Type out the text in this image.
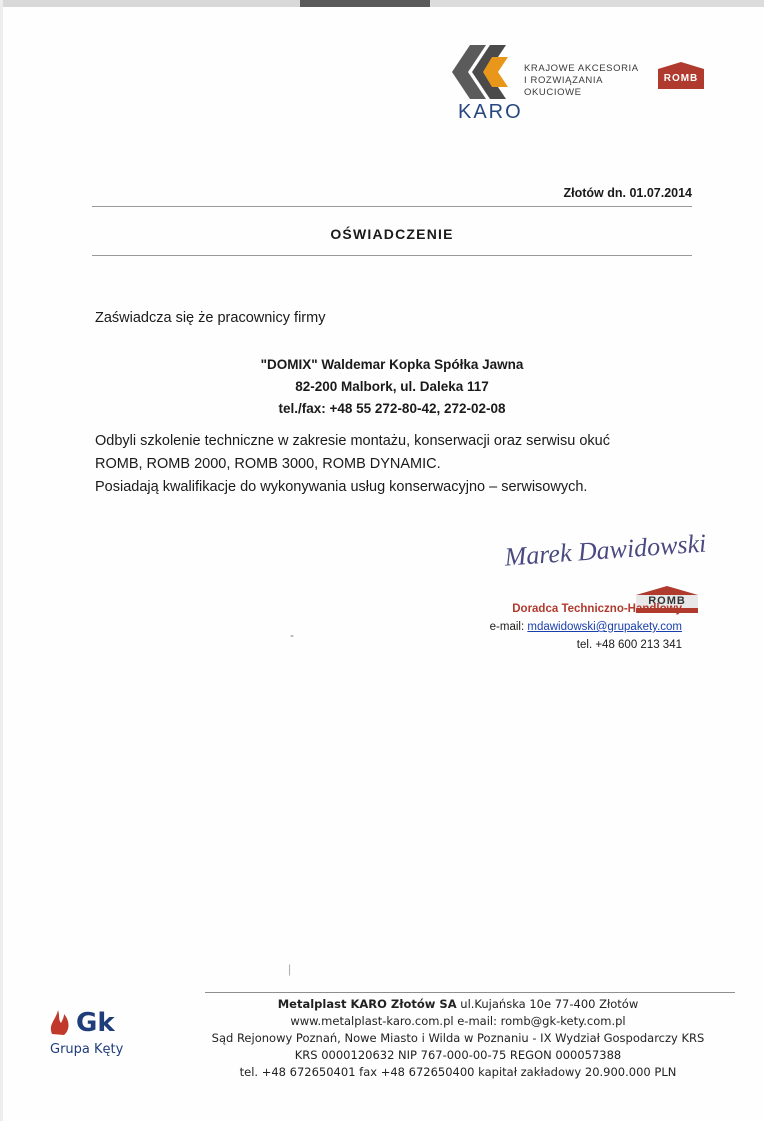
KARO
KRAJOWE AKCESORIA
I ROZWIĄZANIA OKUCIOWE
ROMB
Złotów dn. 01.07.2014
OŚWIADCZENIE
Zaświadcza się że pracownicy firmy
"DOMIX" Waldemar Kopka Spółka Jawna
82-200 Malbork, ul. Daleka 117
tel./fax: +48 55 272-80-42, 272-02-08
Odbyli szkolenie techniczne w zakresie montażu, konserwacji oraz serwisu okuć
ROMB, ROMB 2000, ROMB 3000, ROMB DYNAMIC.
Posiadają kwalifikacje do wykonywania usług konserwacyjno – serwisowych.
Marek Dawidowski
ROMB
Doradca Techniczno-Handlowy
e-mail: mdawidowski@grupakety.com
tel. +48 600 213 341
-
|
Metalplast KARO Złotów SA ul.Kujańska 10e 77-400 Złotów
www.metalplast-karo.com.pl e-mail: romb@gk-kety.com.pl
Sąd Rejonowy Poznań, Nowe Miasto i Wilda w Poznaniu - IX Wydział Gospodarczy KRS
KRS 0000120632 NIP 767-000-00-75 REGON 000057388
tel. +48 672650401 fax +48 672650400 kapitał zakładowy 20.900.000 PLN
Gk
Grupa Kęty
